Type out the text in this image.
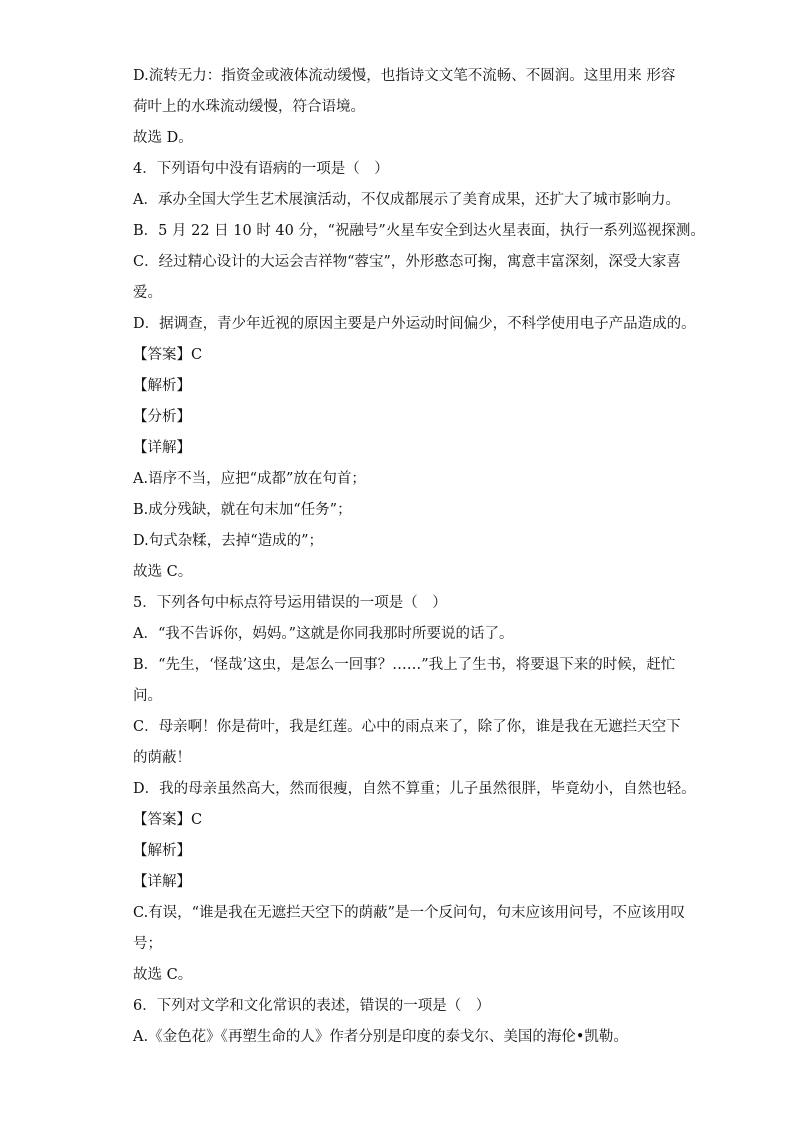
D.流转无力：指资金或液体流动缓慢，也指诗文文笔不流畅、不圆润。这里用来 形容
荷叶上的水珠流动缓慢，符合语境。
故选 D。
4．下列语句中没有语病的一项是（　）
A．承办全国大学生艺术展演活动，不仅成都展示了美育成果，还扩大了城市影响力。
B．5 月 22 日 10 时 40 分，“祝融号”火星车安全到达火星表面，执行一系列巡视探测。
C．经过精心设计的大运会吉祥物“蓉宝”，外形憨态可掬，寓意丰富深刻，深受大家喜
爱。
D．据调查，青少年近视的原因主要是户外运动时间偏少，不科学使用电子产品造成的。
【答案】C
【解析】
【分析】
【详解】
A.语序不当，应把“成都”放在句首；
B.成分残缺，就在句末加“任务”；
D.句式杂糅，去掉“造成的”；
故选 C。
5．下列各句中标点符号运用错误的一项是（　）
A．“我不告诉你，妈妈。”这就是你同我那时所要说的话了。
B．“先生，‘怪哉’这虫，是怎么一回事？……”我上了生书，将要退下来的时候，赶忙
问。
C．母亲啊！你是荷叶，我是红莲。心中的雨点来了，除了你，谁是我在无遮拦天空下
的荫蔽！
D．我的母亲虽然高大，然而很瘦，自然不算重；儿子虽然很胖，毕竟幼小，自然也轻。
【答案】C
【解析】
【详解】
C.有误，“谁是我在无遮拦天空下的荫蔽”是一个反问句，句末应该用问号，不应该用叹
号；
故选 C。
6．下列对文学和文化常识的表述，错误的一项是（　）
A.《金色花》《再塑生命的人》作者分别是印度的泰戈尔、美国的海伦•凯勒。
